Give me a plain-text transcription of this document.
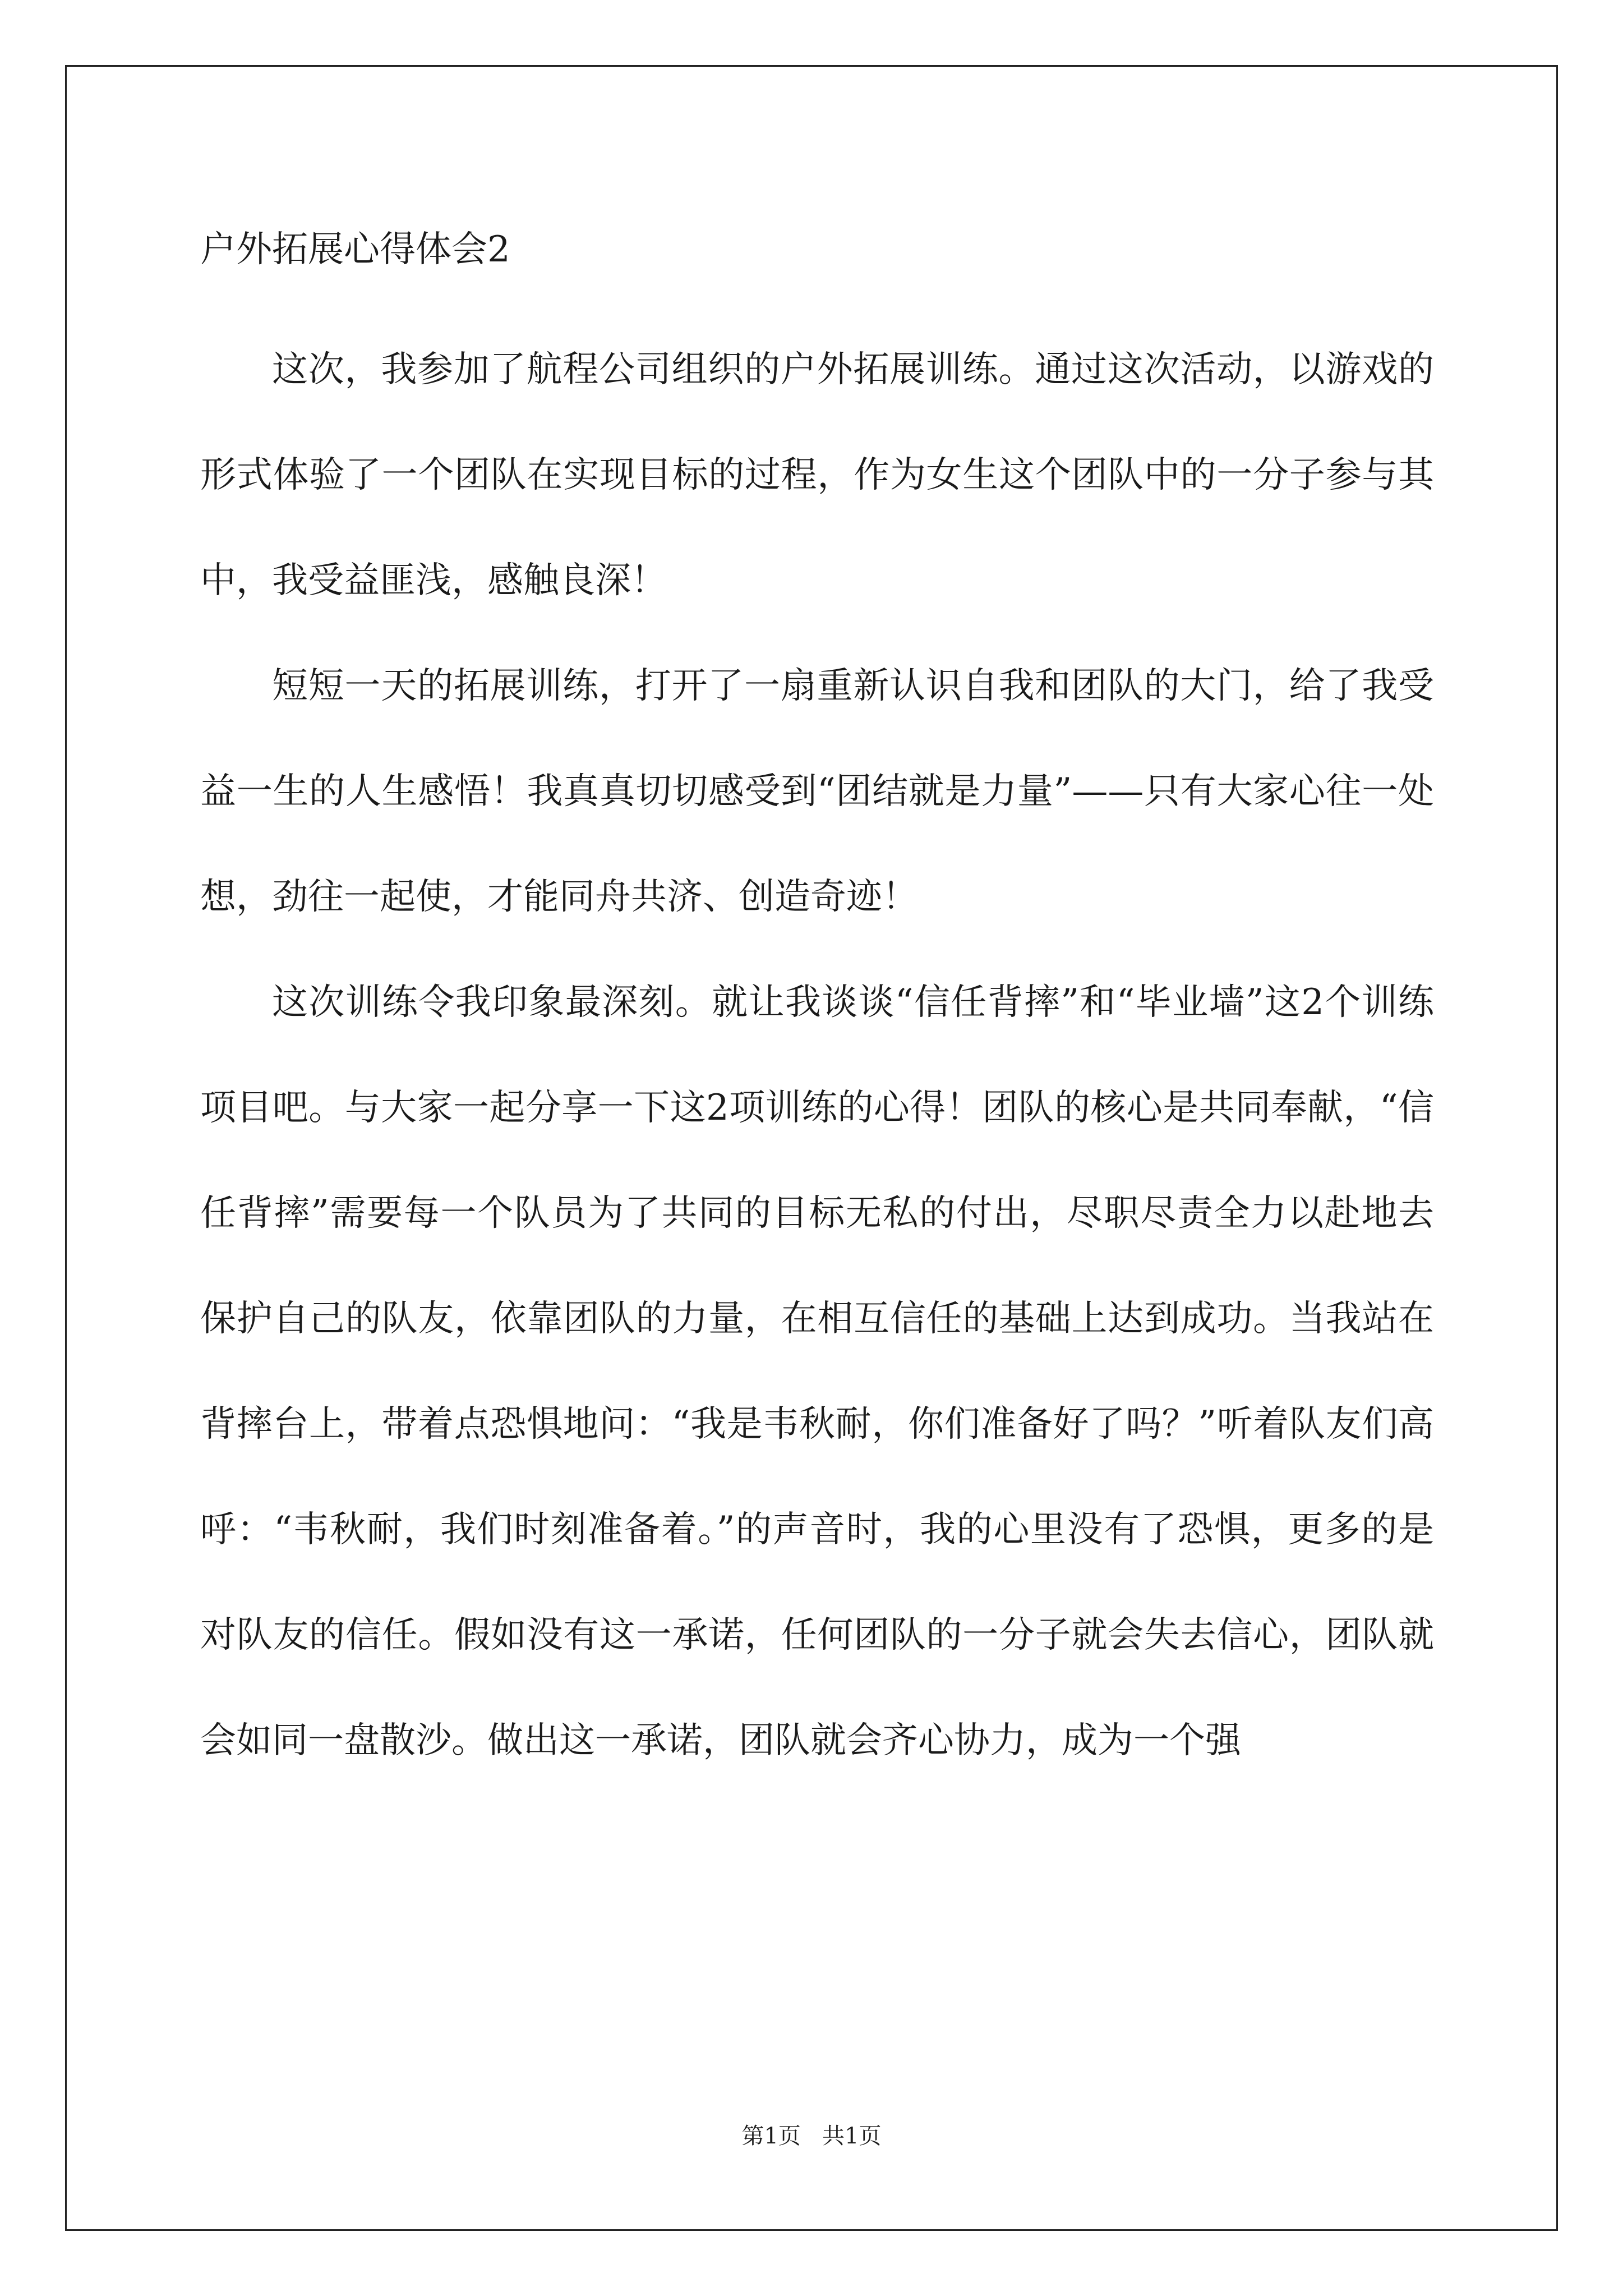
户外拓展心得体会2

这次，我参加了航程公司组织的户外拓展训练。通过这次活动，以游戏的形式体验了一个团队在实现目标的过程，作为女生这个团队中的一分子参与其中，我受益匪浅，感触良深！

短短一天的拓展训练，打开了一扇重新认识自我和团队的大门，给了我受益一生的人生感悟！我真真切切感受到“团结就是力量”——只有大家心往一处想，劲往一起使，才能同舟共济、创造奇迹！

这次训练令我印象最深刻。就让我谈谈“信任背摔”和“毕业墙”这2个训练项目吧。与大家一起分享一下这2项训练的心得！团队的核心是共同奉献，“信任背摔”需要每一个队员为了共同的目标无私的付出，尽职尽责全力以赴地去保护自己的队友，依靠团队的力量，在相互信任的基础上达到成功。当我站在背摔台上，带着点恐惧地问：“我是韦秋耐，你们准备好了吗？”听着队友们高呼：“韦秋耐，我们时刻准备着。”的声音时，我的心里没有了恐惧，更多的是对队友的信任。假如没有这一承诺，任何团队的一分子就会失去信心，团队就会如同一盘散沙。做出这一承诺，团队就会齐心协力，成为一个强

第1页   共1页
